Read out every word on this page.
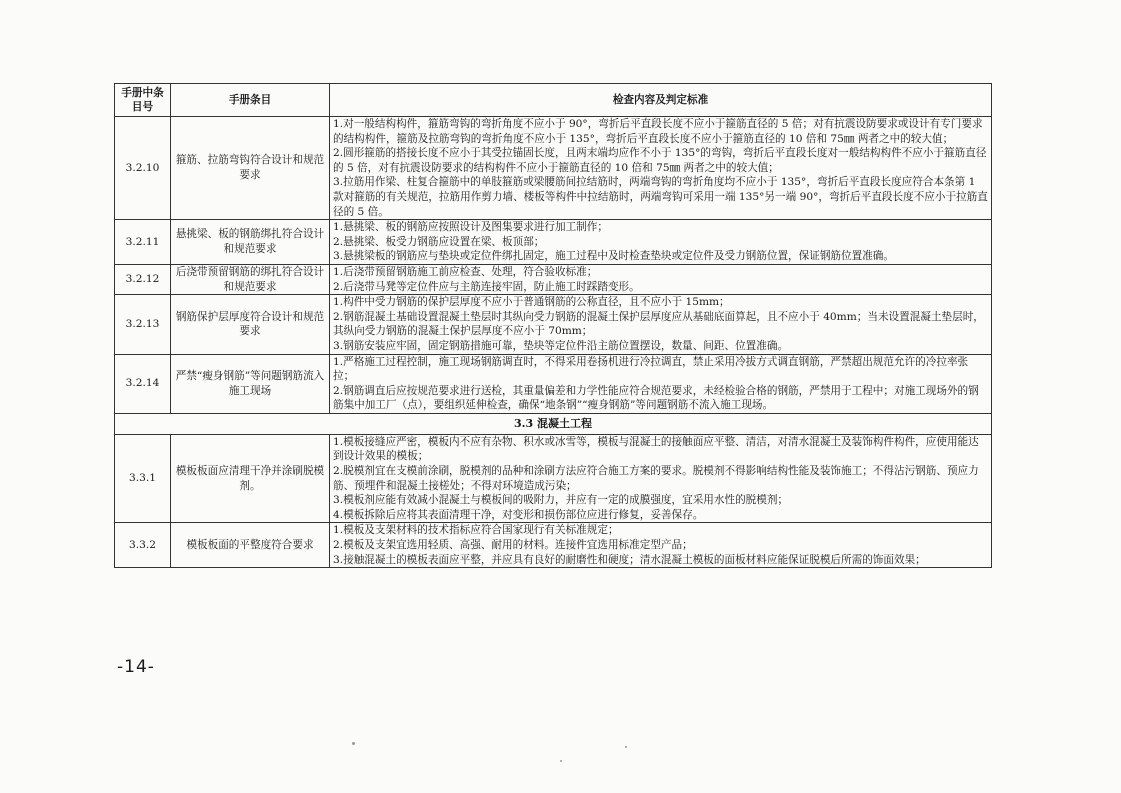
手册中条目号	手册条目	检查内容及判定标准
3.2.10	箍筋、拉筋弯钩符合设计和规范要求	1.对一般结构构件，箍筋弯钩的弯折角度不应小于 90°，弯折后平直段长度不应小于箍筋直径的 5 倍；对有抗震设防要求或设计有专门要求的结构构件，箍筋及拉筋弯钩的弯折角度不应小于 135°，弯折后平直段长度不应小于箍筋直径的 10 倍和 75㎜ 两者之中的较大值；
2.圆形箍筋的搭接长度不应小于其受拉锚固长度，且两末端均应作不小于 135°的弯钩，弯折后平直段长度对一般结构构件不应小于箍筋直径的 5 倍，对有抗震设防要求的结构构件不应小于箍筋直径的 10 倍和 75㎜ 两者之中的较大值；
3.拉筋用作梁、柱复合箍筋中的单肢箍筋或梁腰筋间拉结筋时，两端弯钩的弯折角度均不应小于 135°，弯折后平直段长度应符合本条第 1 款对箍筋的有关规范，拉筋用作剪力墙、楼板等构件中拉结筋时，两端弯钩可采用一端 135°另一端 90°，弯折后平直段长度不应小于拉筋直径的 5 倍。

3.2.11	悬挑梁、板的钢筋绑扎符合设计和规范要求	1.悬挑梁、板的钢筋应按照设计及图集要求进行加工制作；
2.悬挑梁、板受力钢筋应设置在梁、板顶部；
3.悬挑梁板的钢筋应与垫块或定位件绑扎固定，施工过程中及时检查垫块或定位件及受力钢筋位置，保证钢筋位置准确。

3.2.12	后浇带预留钢筋的绑扎符合设计和规范要求	1.后浇带预留钢筋施工前应检查、处理，符合验收标准；
2.后浇带马凳等定位件应与主筋连接牢固，防止施工时踩踏变形。

3.2.13	钢筋保护层厚度符合设计和规范要求	1.构件中受力钢筋的保护层厚度不应小于普通钢筋的公称直径，且不应小于 15mm；
2.钢筋混凝土基础设置混凝土垫层时其纵向受力钢筋的混凝土保护层厚度应从基础底面算起，且不应小于 40mm；当未设置混凝土垫层时，其纵向受力钢筋的混凝土保护层厚度不应小于 70mm；
3.钢筋安装应牢固，固定钢筋措施可靠，垫块等定位件沿主筋位置摆设，数量、间距、位置准确。

3.2.14	严禁“瘦身钢筋”等问题钢筋流入施工现场	1.严格施工过程控制，施工现场钢筋调直时，不得采用卷扬机进行冷拉调直，禁止采用冷拔方式调直钢筋，严禁超出规范允许的冷拉率张拉；
2.钢筋调直后应按规范要求进行送检，其重量偏差和力学性能应符合规范要求，未经检验合格的钢筋，严禁用于工程中；对施工现场外的钢筋集中加工厂（点），要组织延伸检查，确保“地条钢”“瘦身钢筋”等问题钢筋不流入施工现场。

3.3 混凝土工程		
3.3.1	模板板面应清理干净并涂刷脱模剂。	1.模板接缝应严密，模板内不应有杂物、积水或冰雪等，模板与混凝土的接触面应平整、清洁，对清水混凝土及装饰构件构件，应使用能达到设计效果的模板；
2.脱模剂宜在支模前涂刷，脱模剂的品种和涂刷方法应符合施工方案的要求。脱模剂不得影响结构性能及装饰施工；不得沾污钢筋、预应力筋、预埋件和混凝土接槎处；不得对环境造成污染；
3.模板剂应能有效减小混凝土与模板间的吸附力，并应有一定的成膜强度，宜采用水性的脱模剂；
4.模板拆除后应将其表面清理干净，对变形和损伤部位应进行修复，妥善保存。

3.3.2	模板板面的平整度符合要求	1.模板及支架材料的技术指标应符合国家现行有关标准规定；
2.模板及支架宜选用轻质、高强、耐用的材料。连接件宜选用标准定型产品；
3.接触混凝土的模板表面应平整，并应具有良好的耐磨性和硬度；清水混凝土模板的面板材料应能保证脱模后所需的饰面效果；
-14-
